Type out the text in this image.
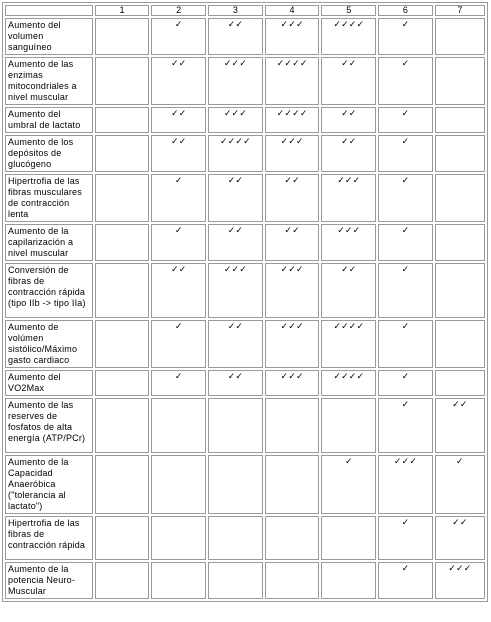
	1	2	3	4	5	6	7
Aumento del volumen sanguíneo		✓	✓✓	✓✓✓	✓✓✓✓	✓	
Aumento de las enzimas mitocondriales a nivel muscular		✓✓	✓✓✓	✓✓✓✓	✓✓	✓	
Aumento del umbral de lactato		✓✓	✓✓✓	✓✓✓✓	✓✓	✓	
Aumento de los depósitos de glucógeno		✓✓	✓✓✓✓	✓✓✓	✓✓	✓	
Hipertrofia de las fibras musculares de contracción lenta		✓	✓✓	✓✓	✓✓✓	✓	
Aumento de la capilarización a nivel muscular		✓	✓✓	✓✓	✓✓✓	✓	
Conversión de fibras de contracción rápida (tipo IIb -> tipo IIa)		✓✓	✓✓✓	✓✓✓	✓✓	✓	
Aumento de volúmen sistólico/Máximo gasto cardiaco		✓	✓✓	✓✓✓	✓✓✓✓	✓	
Aumento del VO2Max		✓	✓✓	✓✓✓	✓✓✓✓	✓	
Aumento de las reserves de fosfatos de alta energía (ATP/PCr)						✓	✓✓
Aumento de la Capacidad Anaeróbica ("tolerancia al lactato")					✓	✓✓✓	✓
Hipertrofia de las fibras de contracción rápida						✓	✓✓
Aumento de la potencia Neuro-Muscular						✓	✓✓✓
